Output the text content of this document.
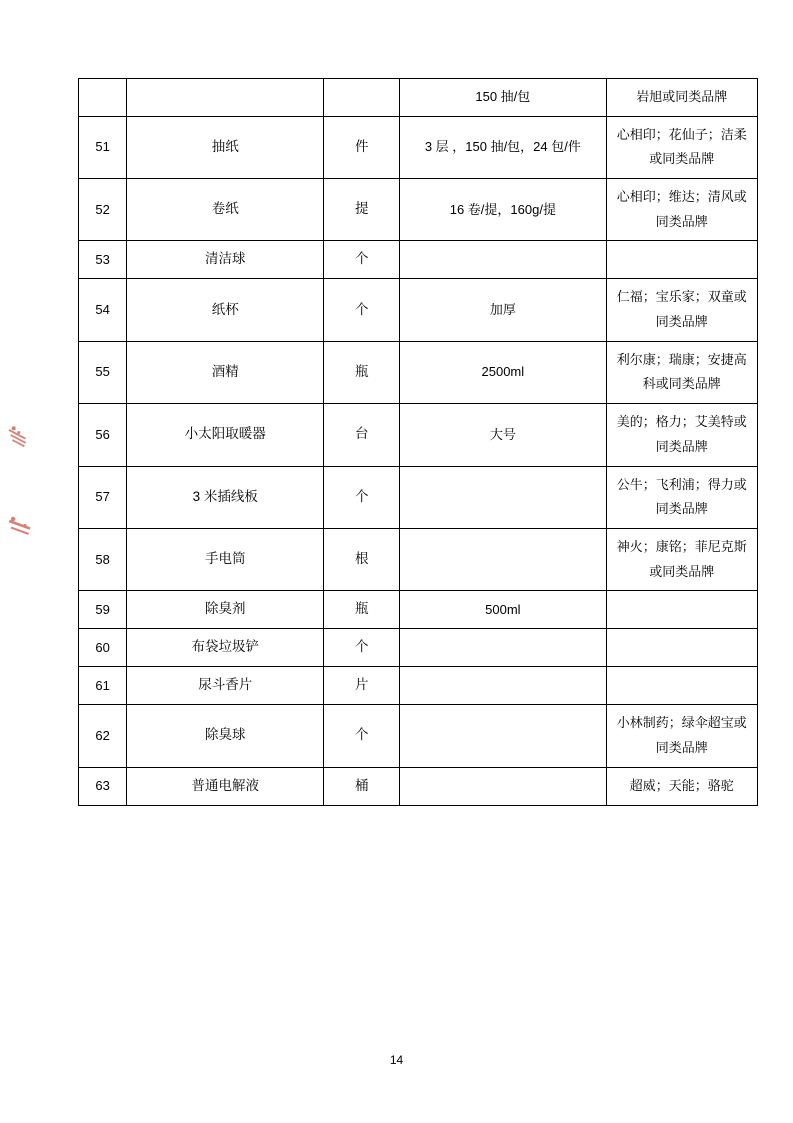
			150 抽/包	岩旭或同类品牌
51	抽纸	件	3 层 ，150 抽/包，24 包/件	心相印；花仙子；洁柔或同类品牌
52	卷纸	提	16 卷/提，160g/提	心相印；维达；清风或同类品牌
53	清洁球	个		
54	纸杯	个	加厚	仁福；宝乐家；双童或同类品牌
55	酒精	瓶	2500ml	利尔康；瑞康；安捷高科或同类品牌
56	小太阳取暖器	台	大号	美的；格力；艾美特或同类品牌
57	3 米插线板	个		公牛；飞利浦；得力或同类品牌
58	手电筒	根		神火；康铭；菲尼克斯或同类品牌
59	除臭剂	瓶	500ml	
60	布袋垃圾铲	个		
61	尿斗香片	片		
62	除臭球	个		小林制药；绿伞超宝或同类品牌
63	普通电解液	桶		超威；天能；骆驼
14
